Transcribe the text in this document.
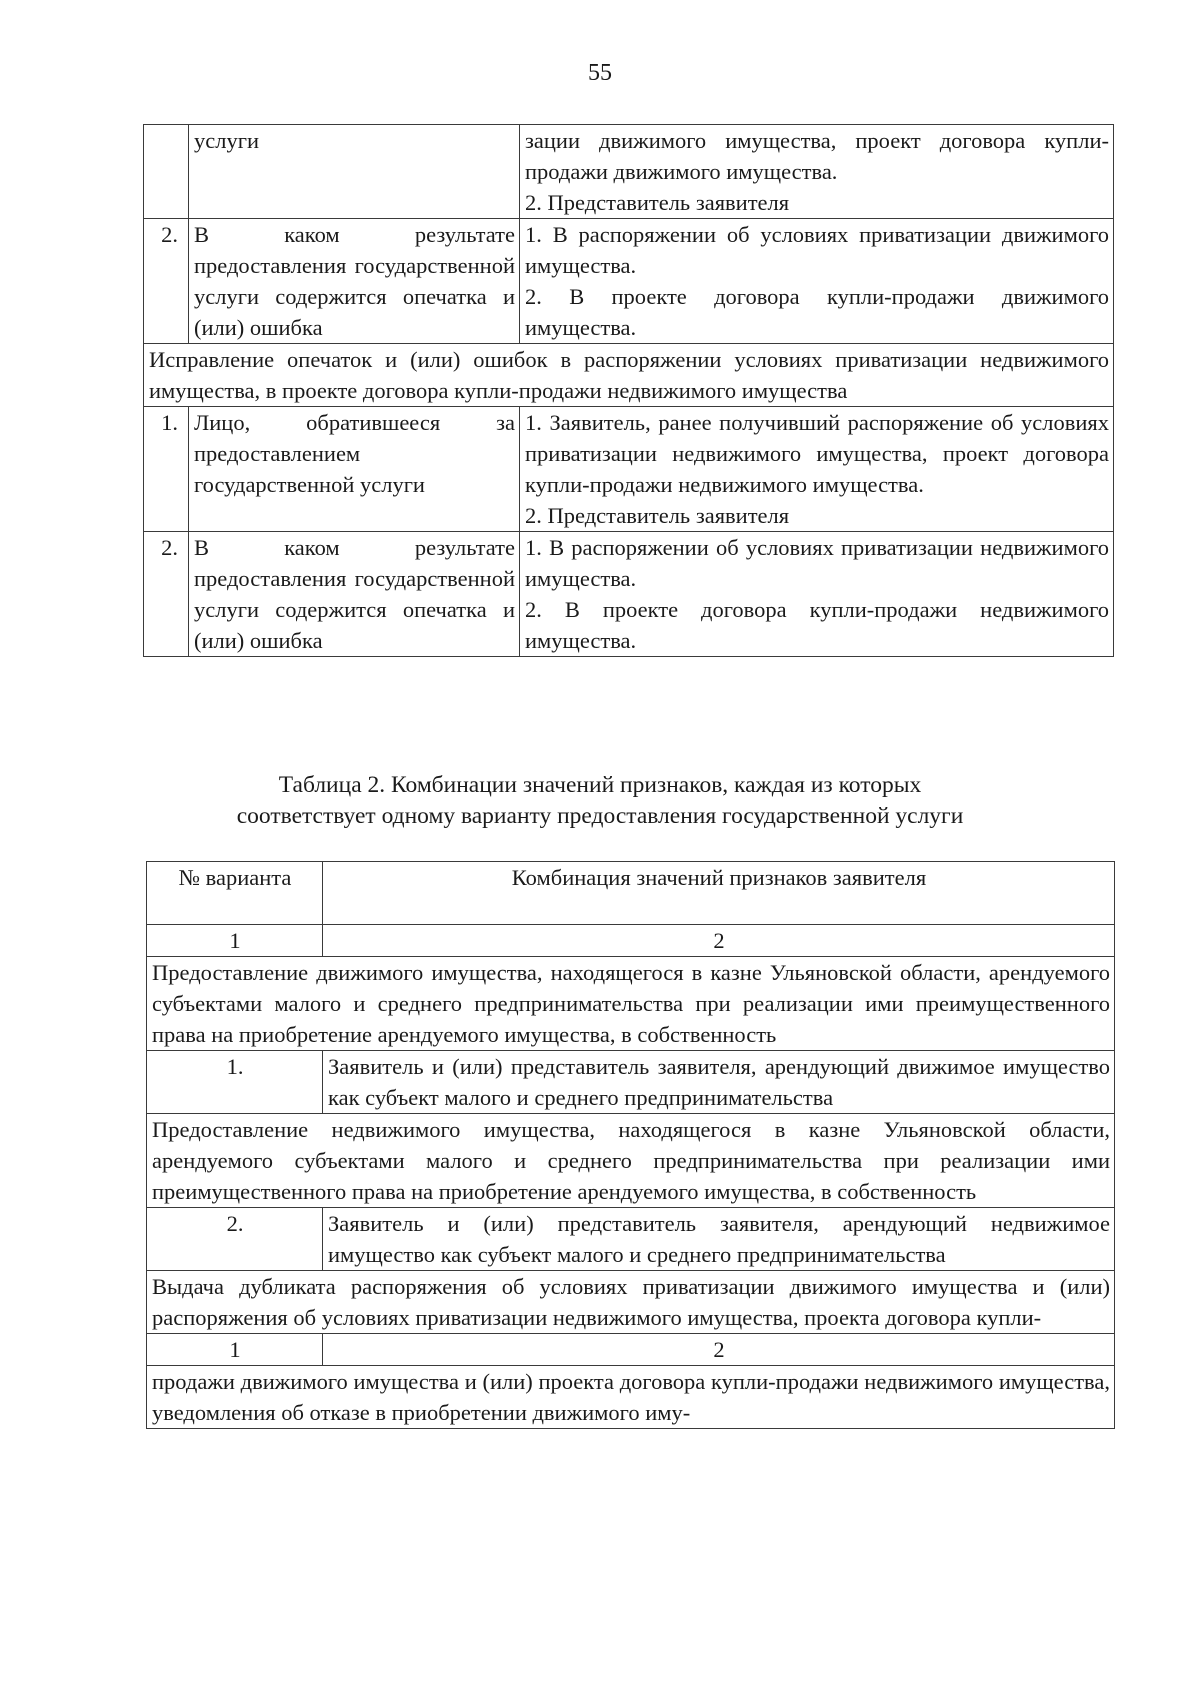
55
	услуги	зации движимого имущества, проект договора купли-продажи движимого имущества.
2. Представитель заявителя
2.	В каком результате предоставления государственной услуги содержится опечатка и (или) ошибка	1. В распоряжении об условиях приватизации движимого имущества.
2. В проекте договора купли-продажи движимого имущества.
Исправление опечаток и (или) ошибок в распоряжении условиях приватизации недвижимого имущества, в проекте договора купли-продажи недвижимого имущества		
1.	Лицо, обратившееся за предоставлением государственной услуги	1. Заявитель, ранее получивший распоряжение об условиях приватизации недвижимого имущества, проект договора купли-продажи недвижимого имущества.
2. Представитель заявителя
2.	В каком результате предоставления государственной услуги содержится опечатка и (или) ошибка	1. В распоряжении об условиях приватизации недвижимого имущества.
2. В проекте договора купли-продажи недвижимого имущества.
Таблица 2. Комбинации значений признаков, каждая из которых
соответствует одному варианту предоставления государственной услуги
№ варианта	Комбинация значений признаков заявителя
1	2
Предоставление движимого имущества, находящегося в казне Ульяновской области, арендуемого субъектами малого и среднего предпринимательства при реализации ими преимущественного права на приобретение арендуемого имущества, в собственность	
1.	Заявитель и (или) представитель заявителя, арендующий движимое имущество как субъект малого и среднего предпринимательства
Предоставление недвижимого имущества, находящегося в казне Ульяновской области, арендуемого субъектами малого и среднего предпринимательства при реализации ими преимущественного права на приобретение арендуемого имущества, в собственность	
2.	Заявитель и (или) представитель заявителя, арендующий недвижимое имущество как субъект малого и среднего предпринимательства
Выдача дубликата распоряжения об условиях приватизации движимого имущества и (или) распоряжения об условиях приватизации недвижимого имущества, проекта договора купли-	
1	2
продажи движимого имущества и (или) проекта договора купли-продажи недвижимого имущества, уведомления об отказе в приобретении движимого иму-	
